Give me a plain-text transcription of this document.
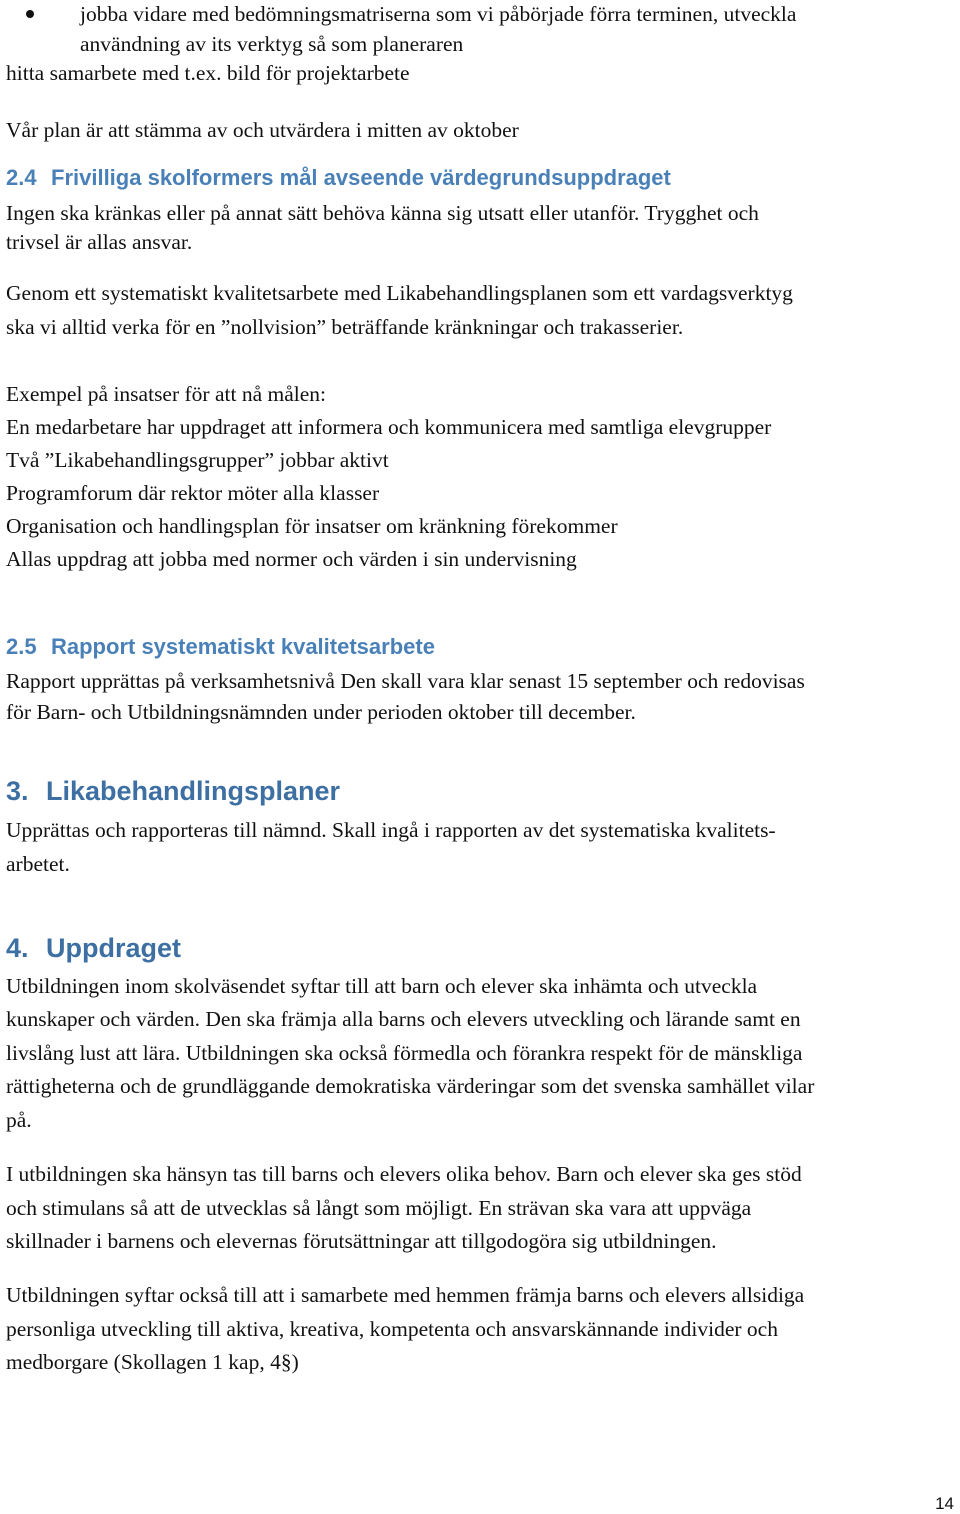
jobba vidare med bedömningsmatriserna som vi påbörjade förra terminen, utveckla
användning av its verktyg så som planeraren
hitta samarbete med t.ex. bild för projektarbete
Vår plan är att stämma av och utvärdera i mitten av oktober
2.4 Frivilliga skolformers mål avseende värdegrundsuppdraget
Ingen ska kränkas eller på annat sätt behöva känna sig utsatt eller utanför. Trygghet och
trivsel är allas ansvar.
Genom ett systematiskt kvalitetsarbete med Likabehandlingsplanen som ett vardagsverktyg
ska vi alltid verka för en ”nollvision” beträffande kränkningar och trakasserier.
Exempel på insatser för att nå målen:
En medarbetare har uppdraget att informera och kommunicera med samtliga elevgrupper
Två ”Likabehandlingsgrupper” jobbar aktivt
Programforum där rektor möter alla klasser
Organisation och handlingsplan för insatser om kränkning förekommer
Allas uppdrag att jobba med normer och värden i sin undervisning
2.5 Rapport systematiskt kvalitetsarbete
Rapport upprättas på verksamhetsnivå Den skall vara klar senast 15 september och redovisas
för Barn- och Utbildningsnämnden under perioden oktober till december.
3. Likabehandlingsplaner
Upprättas och rapporteras till nämnd. Skall ingå i rapporten av det systematiska kvalitets-
arbetet.
4. Uppdraget
Utbildningen inom skolväsendet syftar till att barn och elever ska inhämta och utveckla
kunskaper och värden. Den ska främja alla barns och elevers utveckling och lärande samt en
livslång lust att lära. Utbildningen ska också förmedla och förankra respekt för de mänskliga
rättigheterna och de grundläggande demokratiska värderingar som det svenska samhället vilar
på.
I utbildningen ska hänsyn tas till barns och elevers olika behov. Barn och elever ska ges stöd
och stimulans så att de utvecklas så långt som möjligt. En strävan ska vara att uppväga
skillnader i barnens och elevernas förutsättningar att tillgodogöra sig utbildningen.
Utbildningen syftar också till att i samarbete med hemmen främja barns och elevers allsidiga
personliga utveckling till aktiva, kreativa, kompetenta och ansvarskännande individer och
medborgare (Skollagen 1 kap, 4§)
14
